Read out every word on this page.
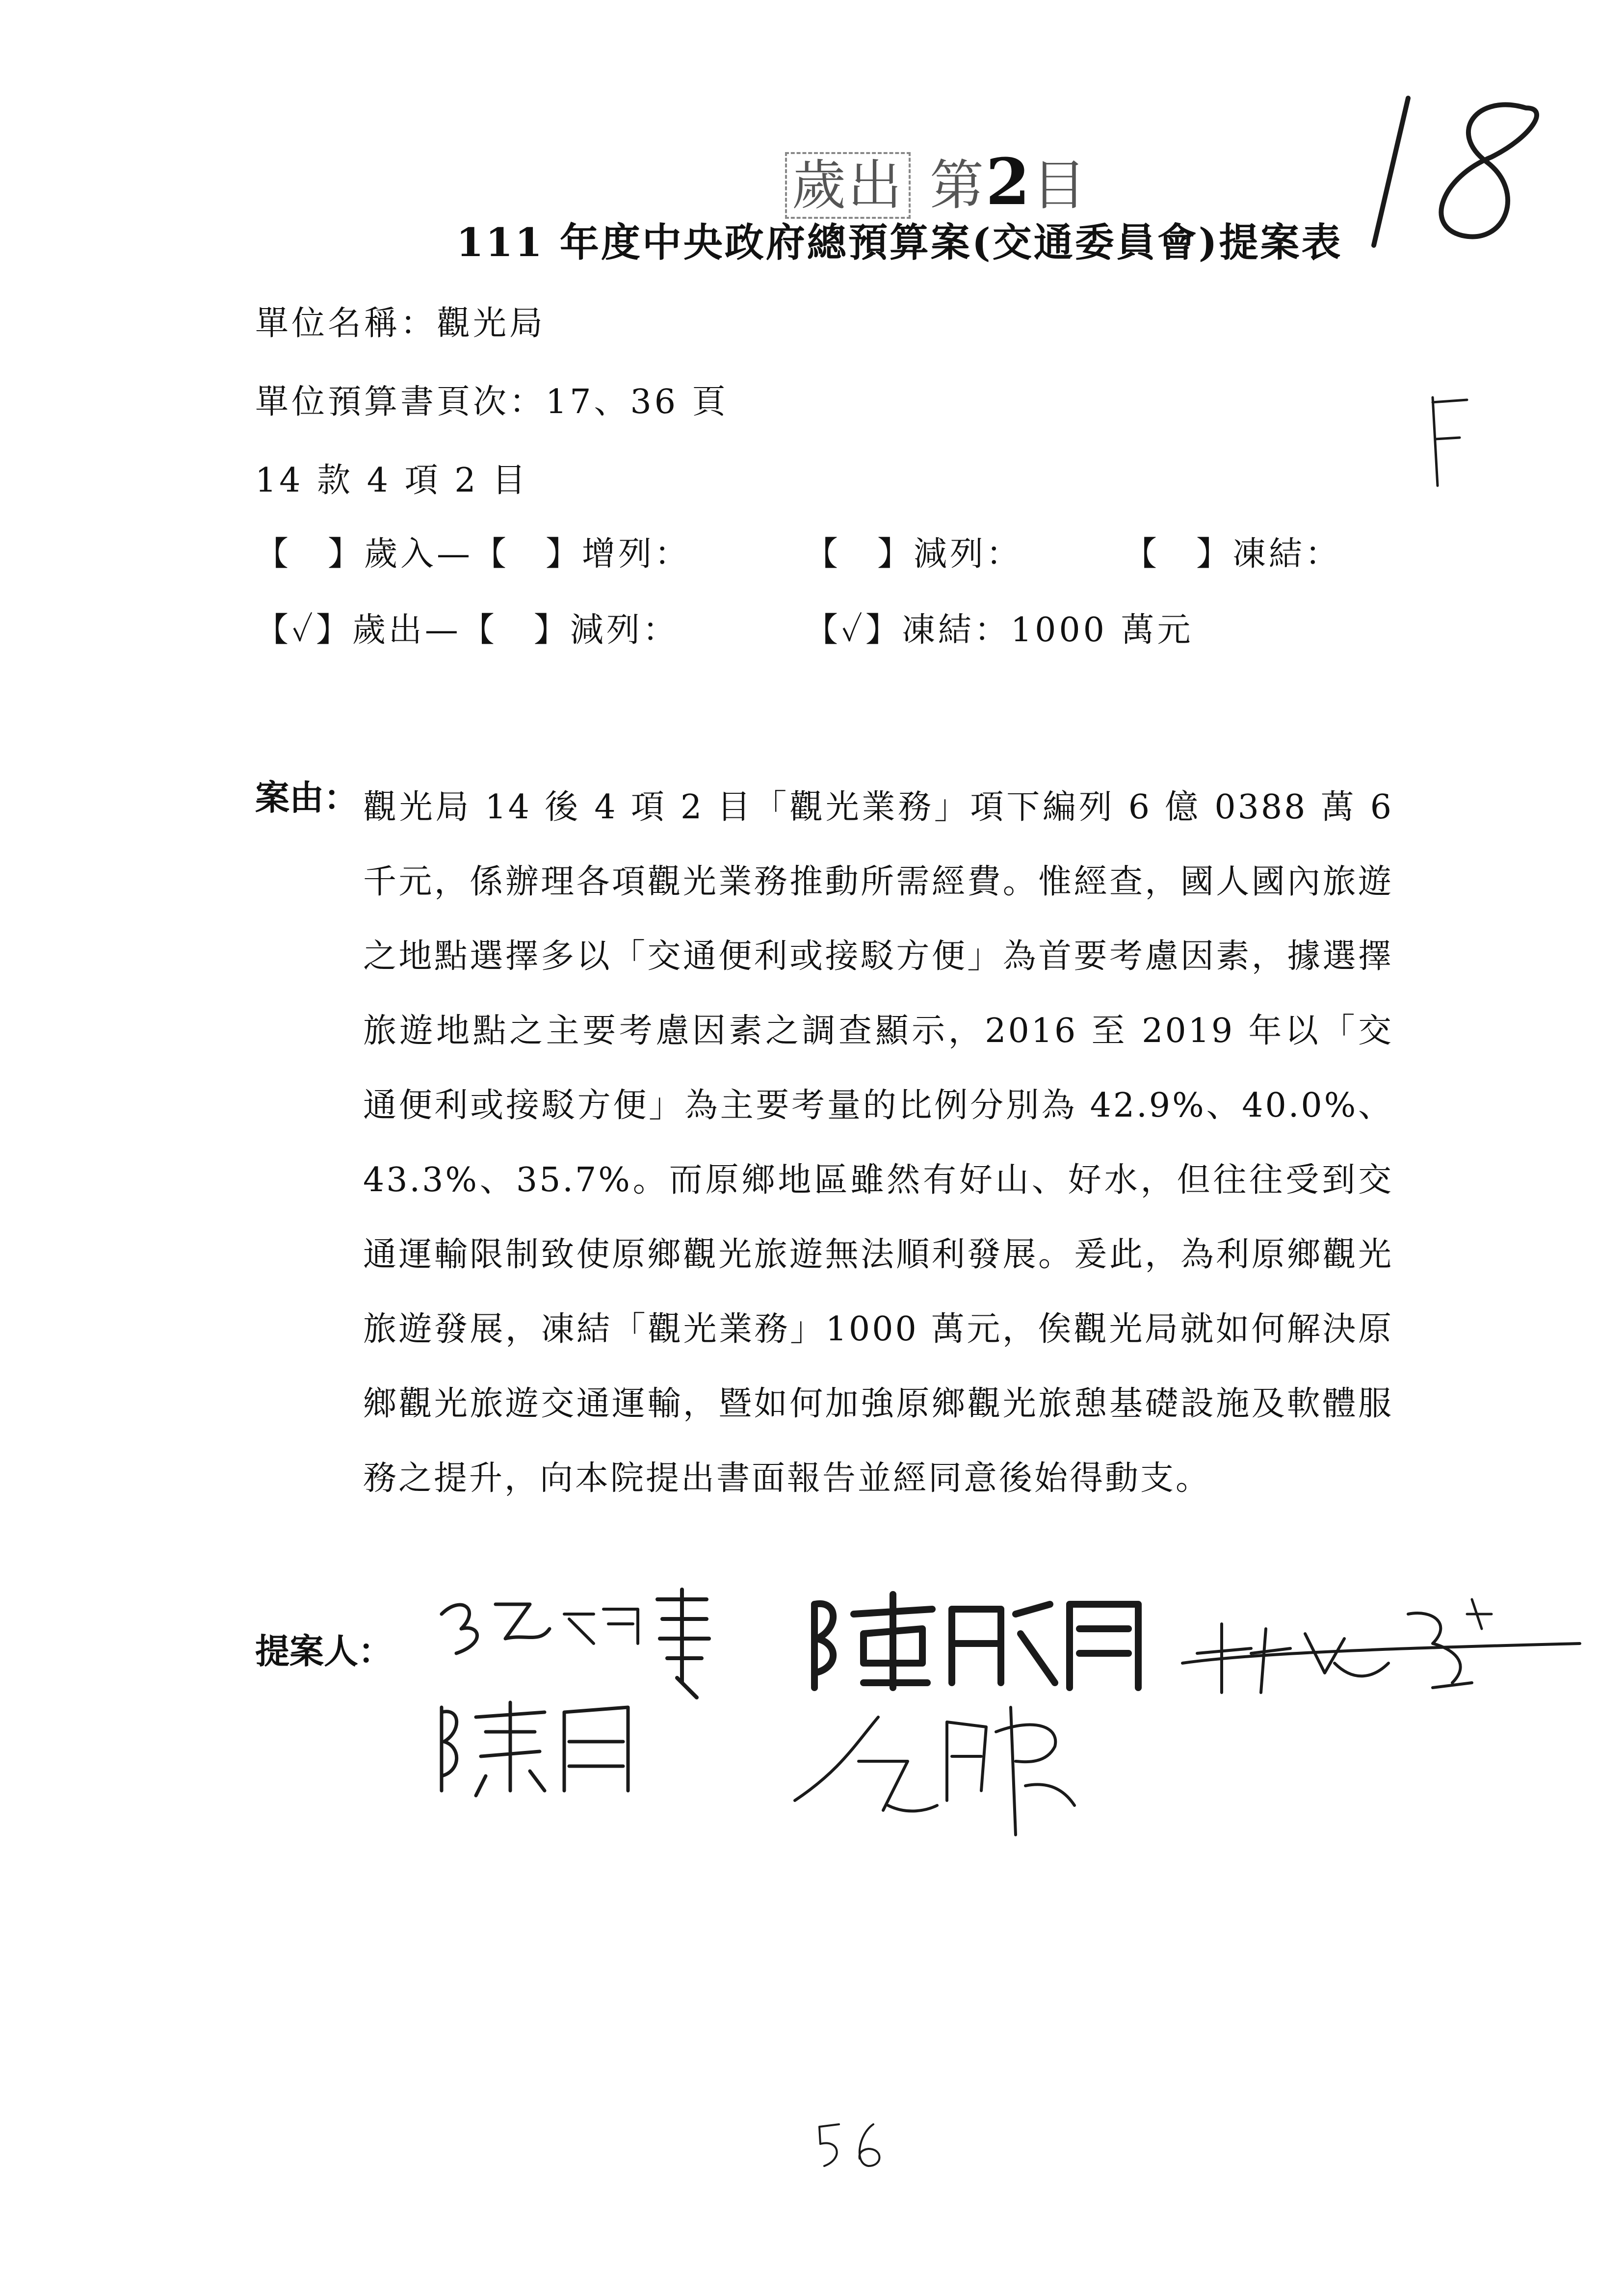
歲出 第2目
111 年度中央政府總預算案(交通委員會)提案表
單位名稱：觀光局
單位預算書頁次：17、36 頁
14 款 4 項 2 目
【　】歲入—【　】增列：	【　】減列：	【　】凍結：
【✓】歲出—【　】減列：	【✓】凍結：1000 萬元
案由： 觀光局 14 後 4 項 2 目「觀光業務」項下編列 6 億 0388 萬 6 千元，係辦理各項觀光業務推動所需經費。惟經查，國人國內旅遊之地點選擇多以「交通便利或接駁方便」為首要考慮因素，據選擇旅遊地點之主要考慮因素之調查顯示，2016 至 2019 年以「交通便利或接駁方便」為主要考量的比例分別為 42.9%、40.0%、43.3%、35.7%。而原鄉地區雖然有好山、好水，但往往受到交通運輸限制致使原鄉觀光旅遊無法順利發展。爰此，為利原鄉觀光旅遊發展，凍結「觀光業務」1000 萬元，俟觀光局就如何解決原鄉觀光旅遊交通運輸，暨如何加強原鄉觀光旅憩基礎設施及軟體服務之提升，向本院提出書面報告並經同意後始得動支。
提案人：
